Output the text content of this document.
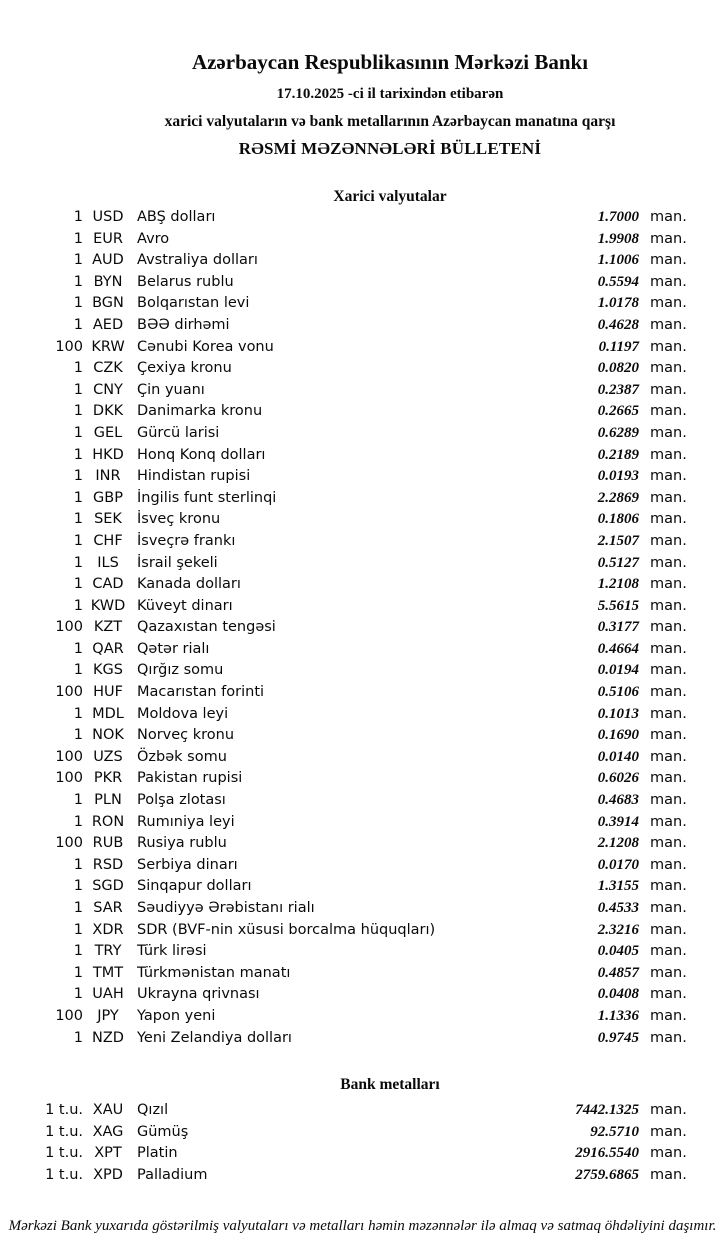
Azərbaycan Respublikasının Mərkəzi Bankı
17.10.2025 -ci il tarixindən etibarən
xarici valyutaların və bank metallarının Azərbaycan manatına qarşı
RƏSMİ MƏZƏNNƏLƏRİ BÜLLETENİ
Xarici valyutalar
1 USD ABŞ dolları	1.7000 man.
1 EUR Avro	1.9908 man.
1 AUD Avstraliya dolları	1.1006 man.
1 BYN	Belarus rublu	0.5594 man.
1 BGN Bolqarıstan levi	1.0178 man.
1 AED BƏƏ dirhəmi	0.4628 man.
100 KRW Cənubi Korea vonu	0.1197 man.
1 CZK Çexiya kronu	0.0820 man.
1 CNY Çin yuanı	0.2387 man.
1 DKK Danimarka kronu	0.2665 man.
1 GEL	Gürcü larisi	0.6289 man.
1 HKD Honq Konq dolları	0.2189 man.
1 INR	Hindistan rupisi	0.0193 man.
1 GBP İngilis funt sterlinqi	2.2869 man.
1 SEK	İsveç kronu	0.1806 man.
1 CHF İsveçrə frankı	2.1507 man.
1 ILS	İsrail şekeli	0.5127 man.
1 CAD Kanada dolları	1.2108 man.
1 KWD Küveyt dinarı	5.5615 man.
100 KZT	Qazaxıstan tengəsi	0.3177 man.
1 QAR Qətər rialı	0.4664 man.
1 KGS Qırğız somu	0.0194 man.
100 HUF Macarıstan forinti	0.5106 man.
1 MDL Moldova leyi	0.1013 man.
1 NOK Norveç kronu	0.1690 man.
100 UZS Özbək somu	0.0140 man.
100 PKR	Pakistan rupisi	0.6026 man.
1 PLN	Polşa zlotası	0.4683 man.
1 RON Rumıniya leyi	0.3914 man.
100 RUB Rusiya rublu	2.1208 man.
1 RSD Serbiya dinarı	0.0170 man.
1 SGD Sinqapur dolları	1.3155 man.
1 SAR Səudiyyə Ərəbistanı rialı	0.4533 man.
1 XDR SDR (BVF-nin xüsusi borcalma hüquqları)	2.3216 man.
1 TRY	Türk lirəsi	0.0405 man.
1 TMT Türkmənistan manatı	0.4857 man.
1 UAH Ukrayna qrivnası	0.0408 man.
100 JPY	Yapon yeni	1.1336 man.
1 NZD Yeni Zelandiya dolları	0.9745 man.
Bank metalları
1 t.u. XAU Qızıl	7442.1325 man.
1 t.u. XAG Gümüş	92.5710 man.
1 t.u. XPT	Platin	2916.5540 man.
1 t.u. XPD Palladium	2759.6865 man.
Mərkəzi Bank yuxarıda göstərilmiş valyutaları və metalları həmin məzənnələr ilə almaq və satmaq öhdəliyini daşımır.
